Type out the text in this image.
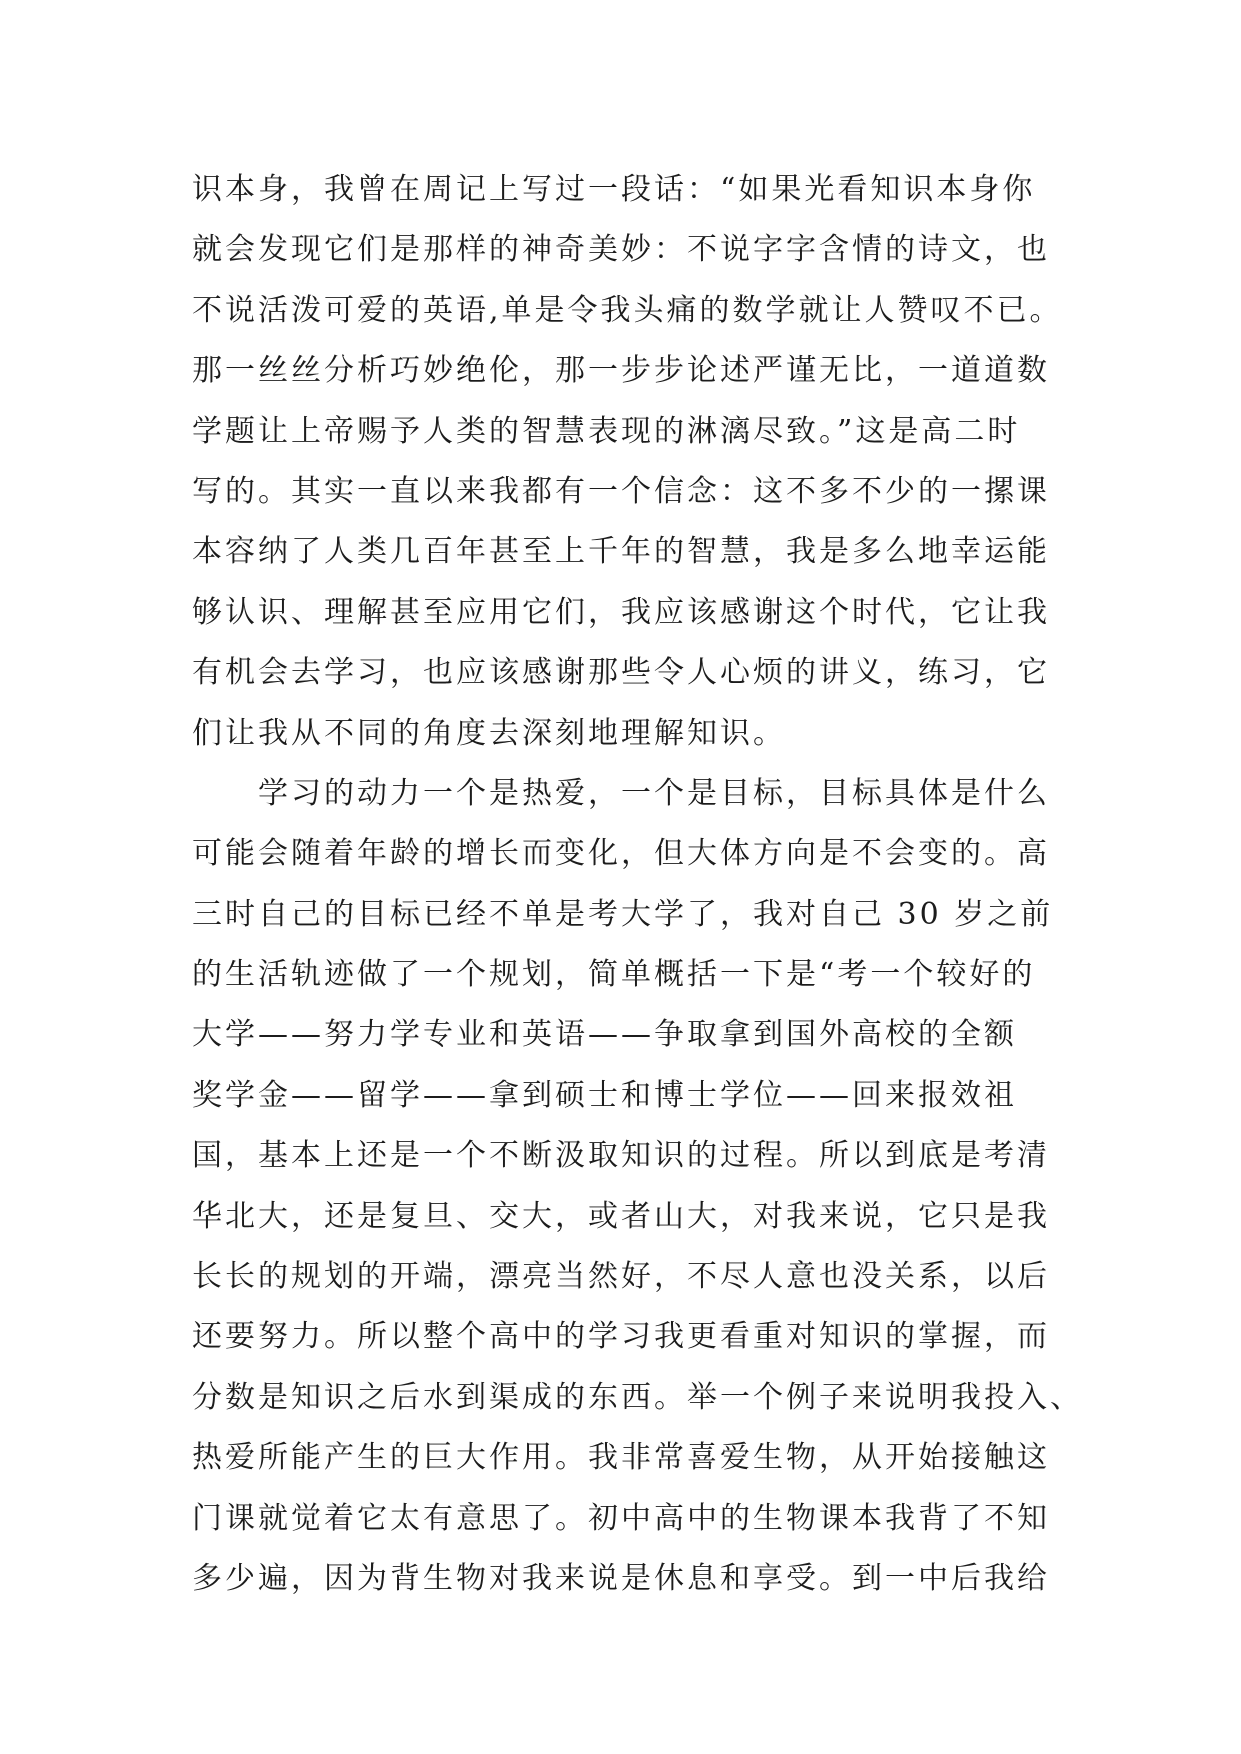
识本身，我曾在周记上写过一段话：“如果光看知识本身你
就会发现它们是那样的神奇美妙：不说字字含情的诗文，也
不说活泼可爱的英语,单是令我头痛的数学就让人赞叹不已。
那一丝丝分析巧妙绝伦，那一步步论述严谨无比，一道道数
学题让上帝赐予人类的智慧表现的淋漓尽致。”这是高二时
写的。其实一直以来我都有一个信念：这不多不少的一摞课
本容纳了人类几百年甚至上千年的智慧，我是多么地幸运能
够认识、理解甚至应用它们，我应该感谢这个时代，它让我
有机会去学习，也应该感谢那些令人心烦的讲义，练习，它
们让我从不同的角度去深刻地理解知识。
学习的动力一个是热爱，一个是目标，目标具体是什么
可能会随着年龄的增长而变化，但大体方向是不会变的。高
三时自己的目标已经不单是考大学了，我对自己 30 岁之前
的生活轨迹做了一个规划，简单概括一下是“考一个较好的
大学——努力学专业和英语——争取拿到国外高校的全额
奖学金——留学——拿到硕士和博士学位——回来报效祖
国，基本上还是一个不断汲取知识的过程。所以到底是考清
华北大，还是复旦、交大，或者山大，对我来说，它只是我
长长的规划的开端，漂亮当然好，不尽人意也没关系，以后
还要努力。所以整个高中的学习我更看重对知识的掌握，而
分数是知识之后水到渠成的东西。举一个例子来说明我投入、
热爱所能产生的巨大作用。我非常喜爱生物，从开始接触这
门课就觉着它太有意思了。初中高中的生物课本我背了不知
多少遍，因为背生物对我来说是休息和享受。到一中后我给
